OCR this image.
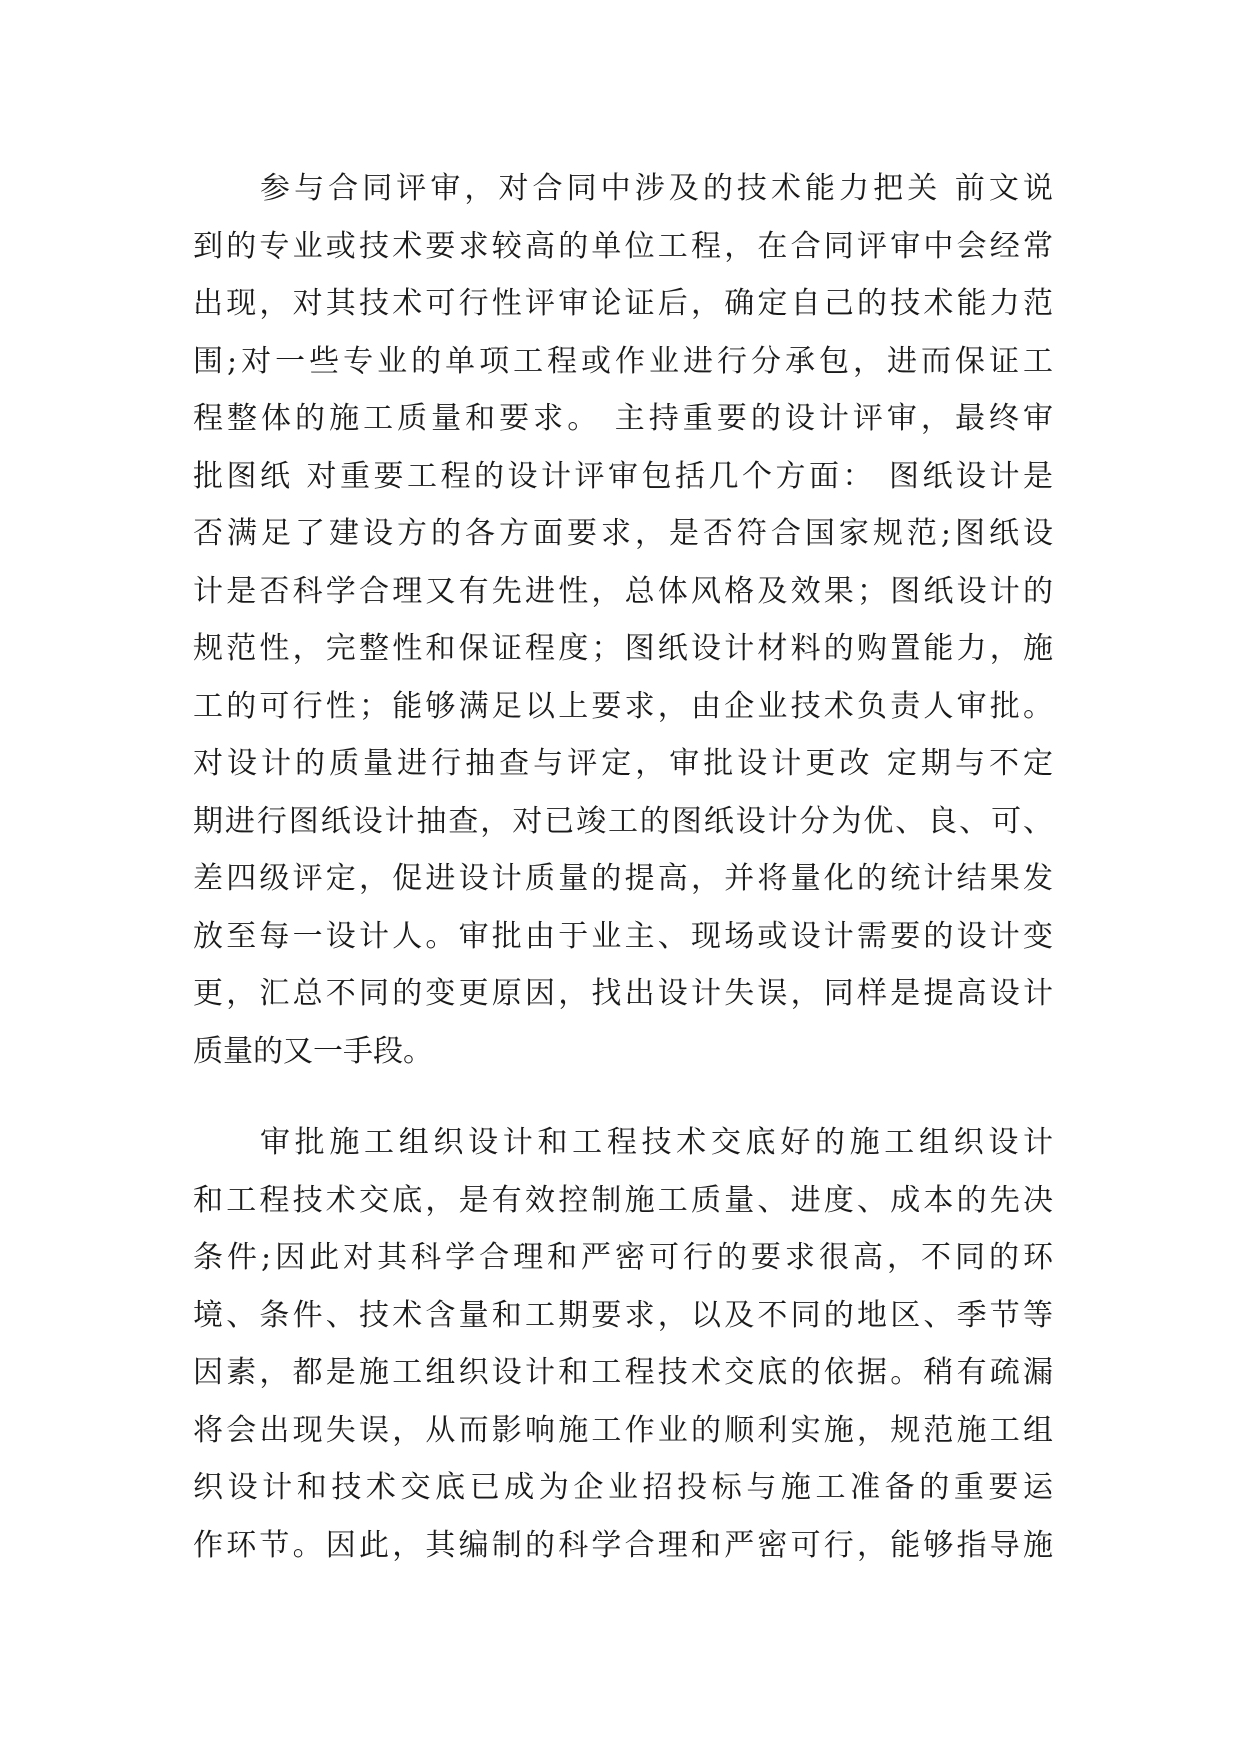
参与合同评审，对合同中涉及的技术能力把关 前文说
到的专业或技术要求较高的单位工程，在合同评审中会经常
出现，对其技术可行性评审论证后，确定自己的技术能力范
围;对一些专业的单项工程或作业进行分承包，进而保证工
程整体的施工质量和要求。 主持重要的设计评审，最终审
批图纸 对重要工程的设计评审包括几个方面： 图纸设计是
否满足了建设方的各方面要求，是否符合国家规范;图纸设
计是否科学合理又有先进性，总体风格及效果；图纸设计的
规范性，完整性和保证程度；图纸设计材料的购置能力，施
工的可行性；能够满足以上要求，由企业技术负责人审批。
对设计的质量进行抽查与评定，审批设计更改 定期与不定
期进行图纸设计抽查，对已竣工的图纸设计分为优、良、可、
差四级评定，促进设计质量的提高，并将量化的统计结果发
放至每一设计人。审批由于业主、现场或设计需要的设计变
更，汇总不同的变更原因，找出设计失误，同样是提高设计
质量的又一手段。
审批施工组织设计和工程技术交底好的施工组织设计
和工程技术交底，是有效控制施工质量、进度、成本的先决
条件;因此对其科学合理和严密可行的要求很高，不同的环
境、条件、技术含量和工期要求，以及不同的地区、季节等
因素，都是施工组织设计和工程技术交底的依据。稍有疏漏
将会出现失误，从而影响施工作业的顺利实施，规范施工组
织设计和技术交底已成为企业招投标与施工准备的重要运
作环节。因此，其编制的科学合理和严密可行，能够指导施
